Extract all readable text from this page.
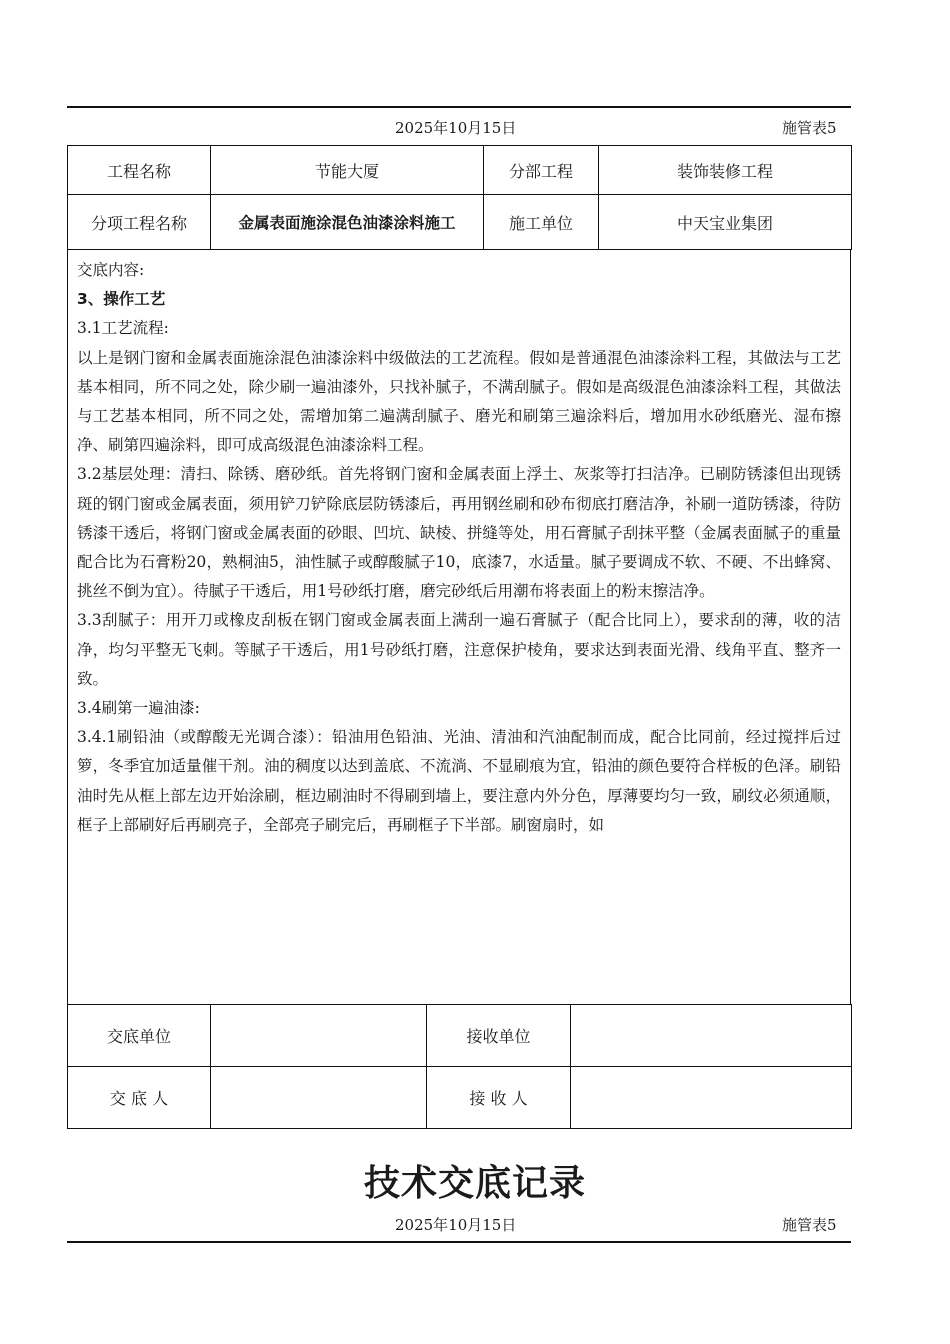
2025年10月15日	施管表5
工程名称	节能大厦	分部工程	装饰装修工程
分项工程名称	金属表面施涂混色油漆涂料施工	施工单位	中天宝业集团

交底内容:

3、操作工艺

3.1工艺流程:

以上是钢门窗和金属表面施涂混色油漆涂料中级做法的工艺流程。假如是普通混色油漆涂料工程，其做法与工艺基本相同，所不同之处，除少刷一遍油漆外，只找补腻子，不满刮腻子。假如是高级混色油漆涂料工程，其做法与工艺基本相同，所不同之处，需增加第二遍满刮腻子、磨光和刷第三遍涂料后，增加用水砂纸磨光、湿布擦净、刷第四遍涂料，即可成高级混色油漆涂料工程。

3.2基层处理：清扫、除锈、磨砂纸。首先将钢门窗和金属表面上浮土、灰浆等打扫洁净。已刷防锈漆但出现锈斑的钢门窗或金属表面，须用铲刀铲除底层防锈漆后，再用钢丝刷和砂布彻底打磨洁净，补刷一道防锈漆，待防锈漆干透后，将钢门窗或金属表面的砂眼、凹坑、缺棱、拼缝等处，用石膏腻子刮抹平整（金属表面腻子的重量配合比为石膏粉20，熟桐油5，油性腻子或醇酸腻子10，底漆7，水适量。腻子要调成不软、不硬、不出蜂窝、挑丝不倒为宜）。待腻子干透后，用1号砂纸打磨，磨完砂纸后用潮布将表面上的粉末擦洁净。

3.3刮腻子：用开刀或橡皮刮板在钢门窗或金属表面上满刮一遍石膏腻子（配合比同上），要求刮的薄，收的洁净，均匀平整无飞刺。等腻子干透后，用1号砂纸打磨，注意保护棱角，要求达到表面光滑、线角平直、整齐一致。

3.4刷第一遍油漆:

3.4.1刷铅油（或醇酸无光调合漆）：铅油用色铅油、光油、清油和汽油配制而成，配合比同前，经过搅拌后过箩，冬季宜加适量催干剂。油的稠度以达到盖底、不流淌、不显刷痕为宜，铅油的颜色要符合样板的色泽。刷铅油时先从框上部左边开始涂刷，框边刷油时不得刷到墙上，要注意内外分色，厚薄要均匀一致，刷纹必须通顺，框子上部刷好后再刷亮子，全部亮子刷完后，再刷框子下半部。刷窗扇时，如

交底单位		接收单位	
交 底 人		接 收 人	
技术交底记录
2025年10月15日	施管表5
